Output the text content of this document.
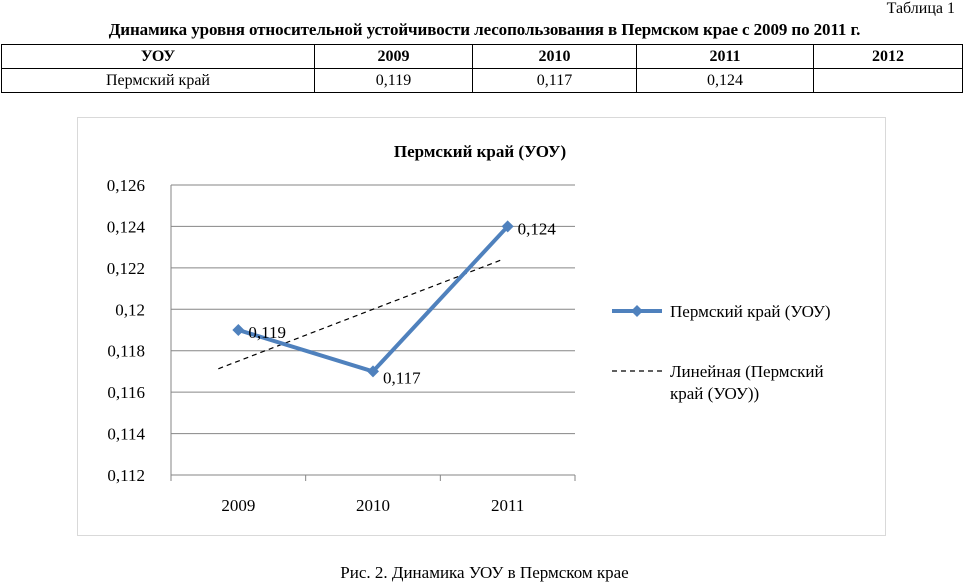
Таблица 1
Динамика уровня относительной устойчивости лесопользования в Пермском крае с 2009 по 2011 г.
УОУ	2009	2010	2011	2012
Пермский край	0,119	0,117	0,124	
Пермский край (УОУ)
0,126
0,124
0,122
0,12
0,118
0,116
0,114
0,112
2009	2010	2011
0,119
0,117
0,124
Пермский край (УОУ)
Линейная (Пермский край (УОУ))
Рис. 2. Динамика УОУ в Пермском крае
